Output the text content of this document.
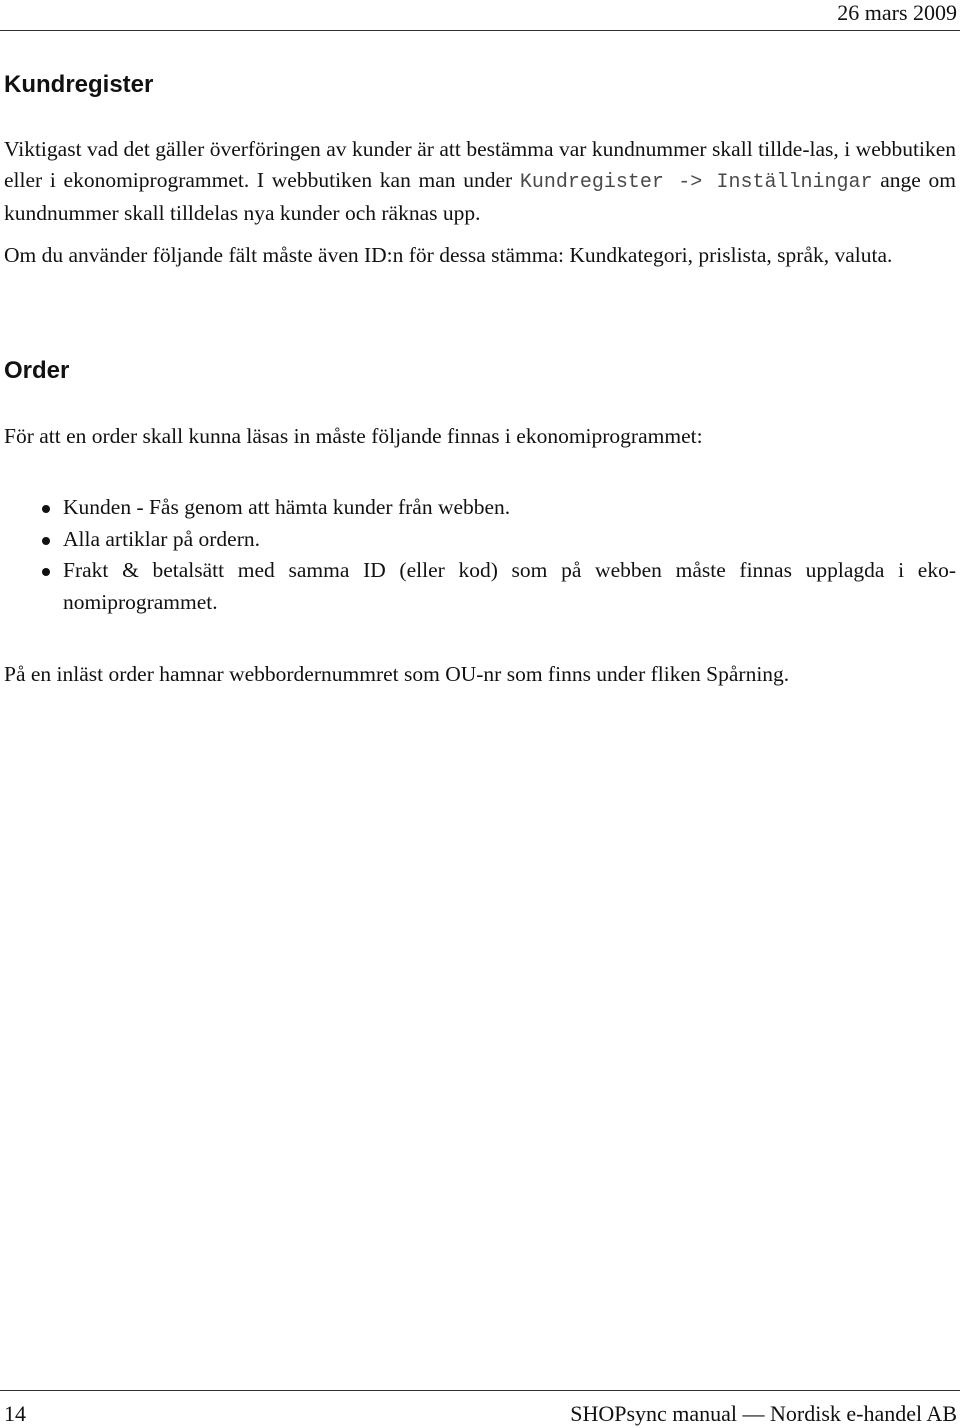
26 mars 2009
Kundregister

Viktigast vad det gäller överföringen av kunder är att bestämma var kundnummer skall tillde-las, i webbutiken eller i ekonomiprogrammet. I webbutiken kan man under Kundregister -> Inställningar ange om kundnummer skall tilldelas nya kunder och räknas upp.

Om du använder följande fält måste även ID:n för dessa stämma: Kundkategori, prislista, språk, valuta.

Order

För att en order skall kunna läsas in måste följande finnas i ekonomiprogrammet:

Kunden - Fås genom att hämta kunder från webben.
Alla artiklar på ordern.
Frakt & betalsätt med samma ID (eller kod) som på webben måste finnas upplagda i eko-nomiprogrammet.

På en inläst order hamnar webbordernummret som OU-nr som finns under fliken Spårning.

14	SHOPsync manual — Nordisk e-handel AB
